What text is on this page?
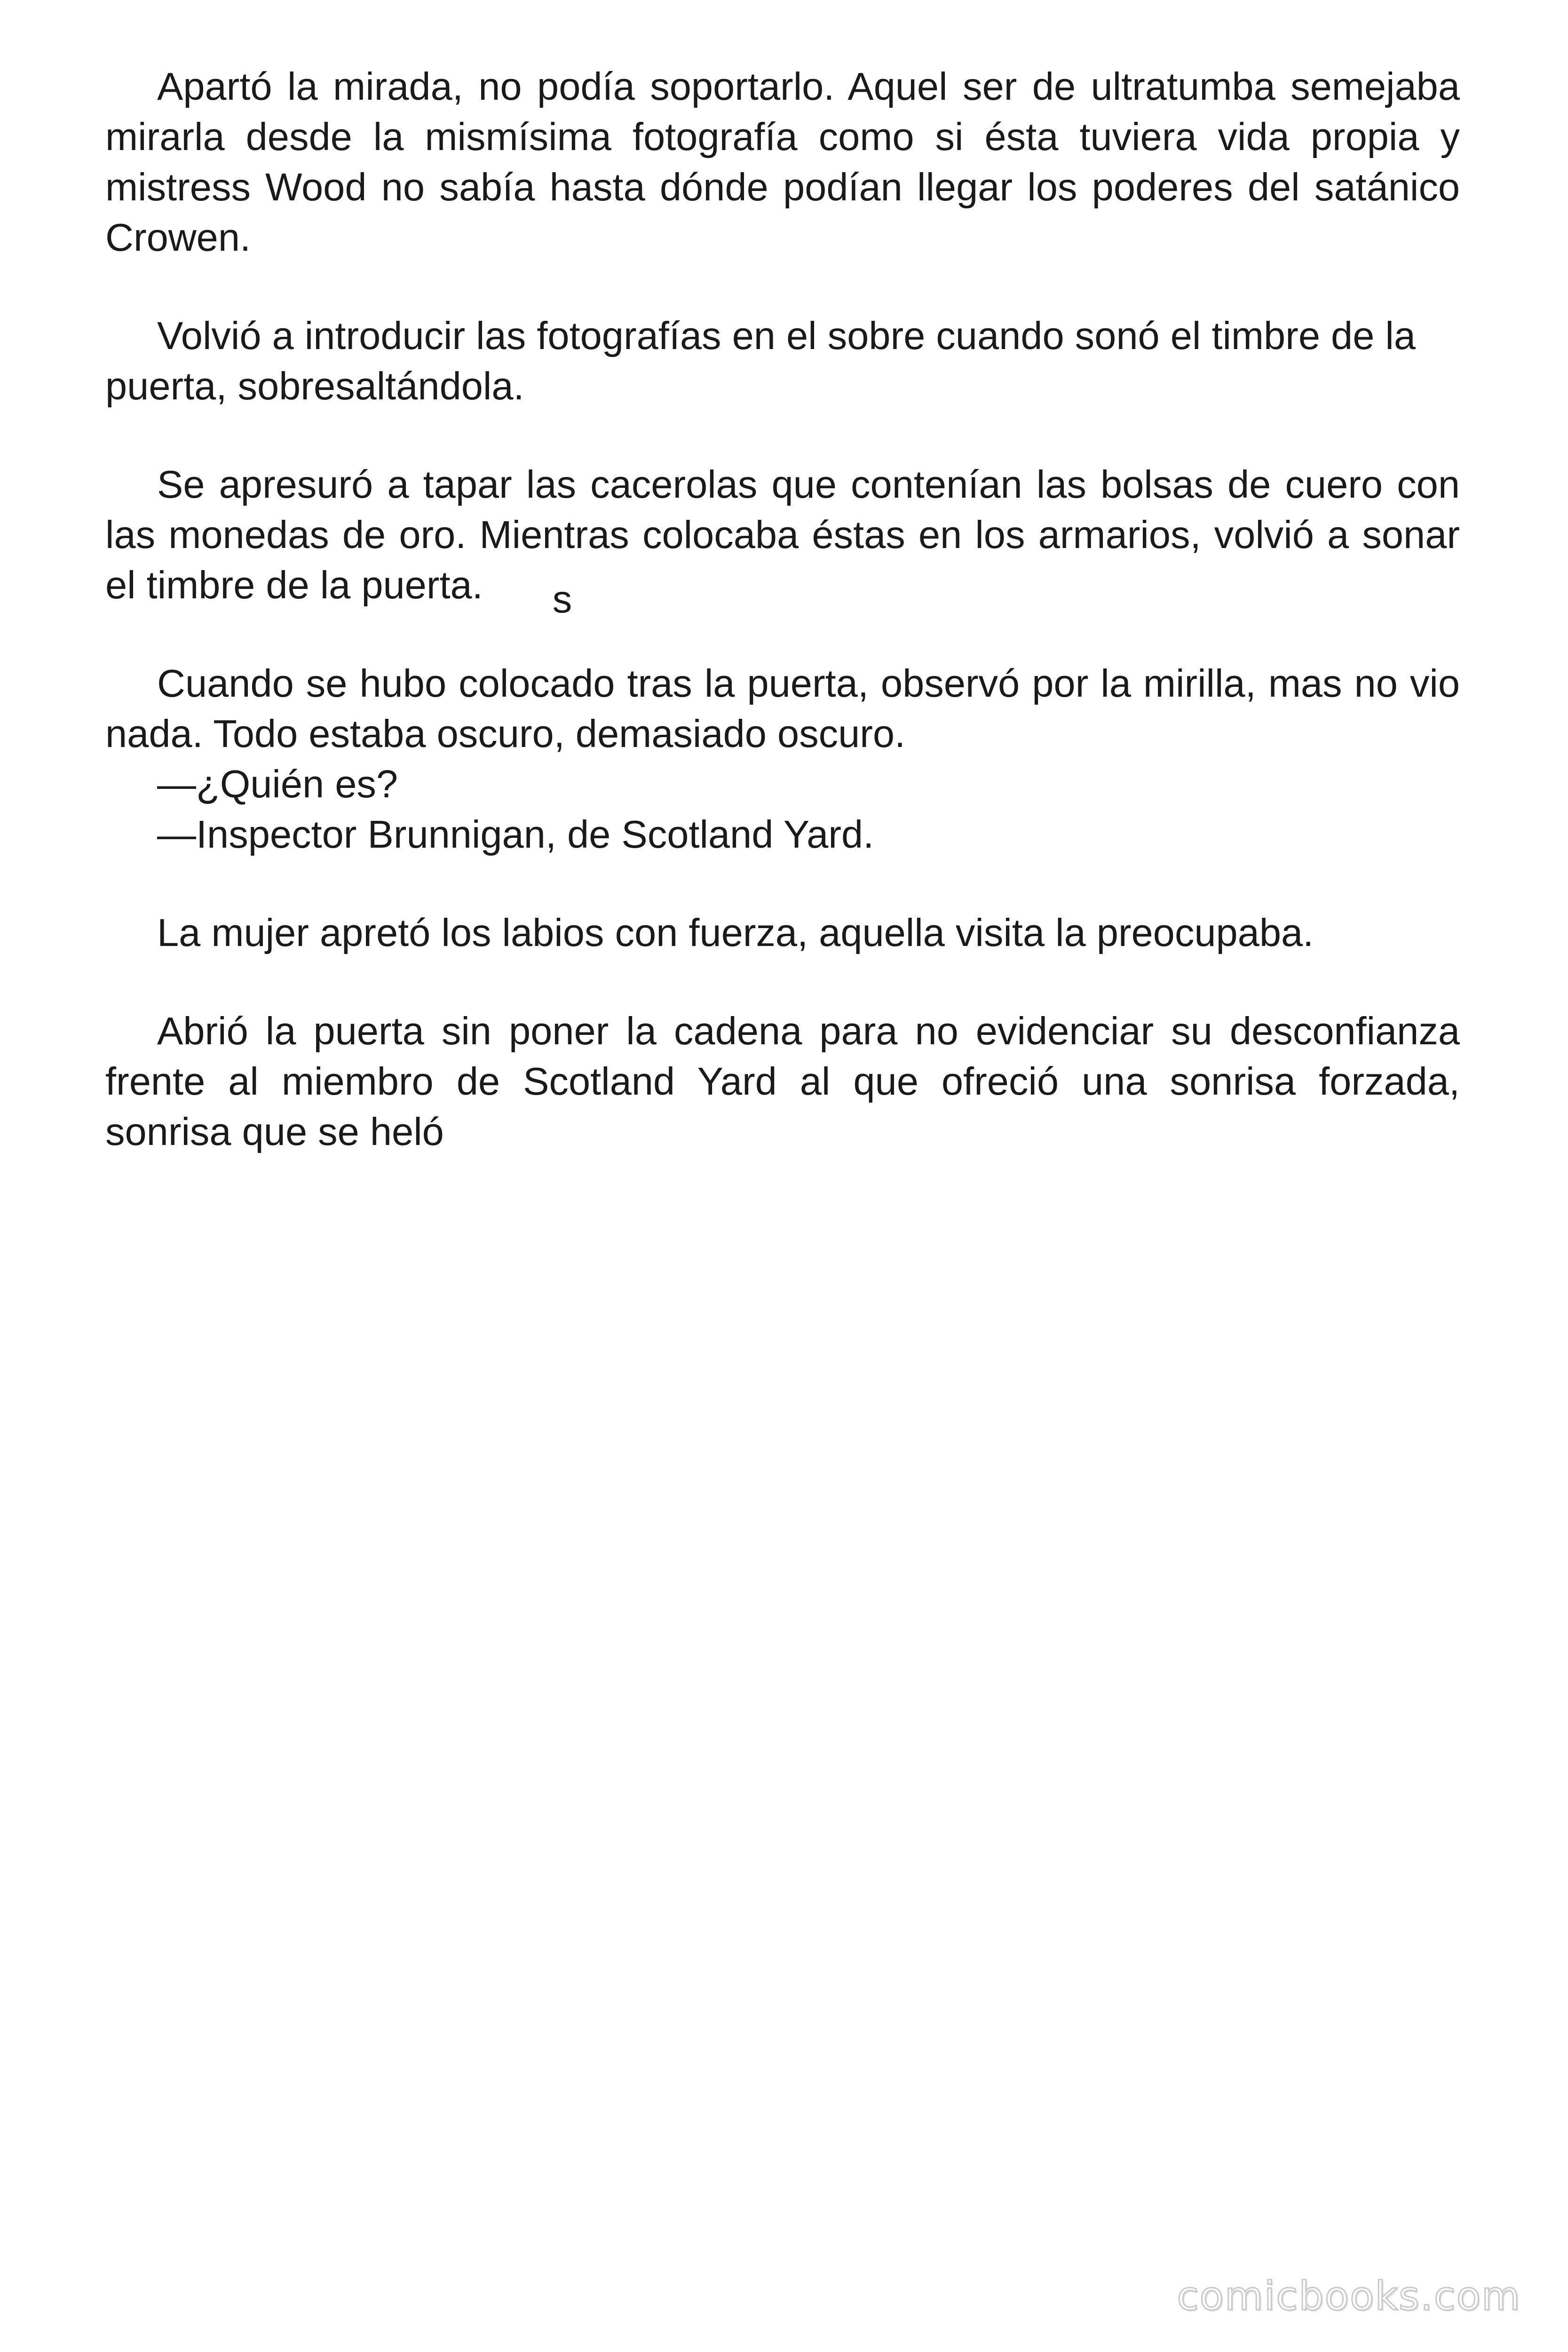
Apartó la mirada, no podía soportarlo. Aquel ser de ultratumba semejaba mirarla desde la mismísima fotografía como si ésta tuviera vida propia y mistress Wood no sabía hasta dónde podían llegar los poderes del satánico Crowen.

Volvió a introducir las fotografías en el sobre cuando sonó el timbre de la puerta, sobresaltándola.

Se apresuró a tapar las cacerolas que contenían las bolsas de cuero con las monedas de oro. Mientras colocaba éstas en los armarios, volvió a sonar el timbre de la puerta. s

Cuando se hubo colocado tras la puerta, observó por la mirilla, mas no vio nada. Todo estaba oscuro, demasiado oscuro.

—¿Quién es?

—Inspector Brunnigan, de Scotland Yard.

La mujer apretó los labios con fuerza, aquella visita la preocupaba.

Abrió la puerta sin poner la cadena para no evidenciar su desconfianza frente al miembro de Scotland Yard al que ofreció una sonrisa forzada, sonrisa que se heló

comicbooks.com
